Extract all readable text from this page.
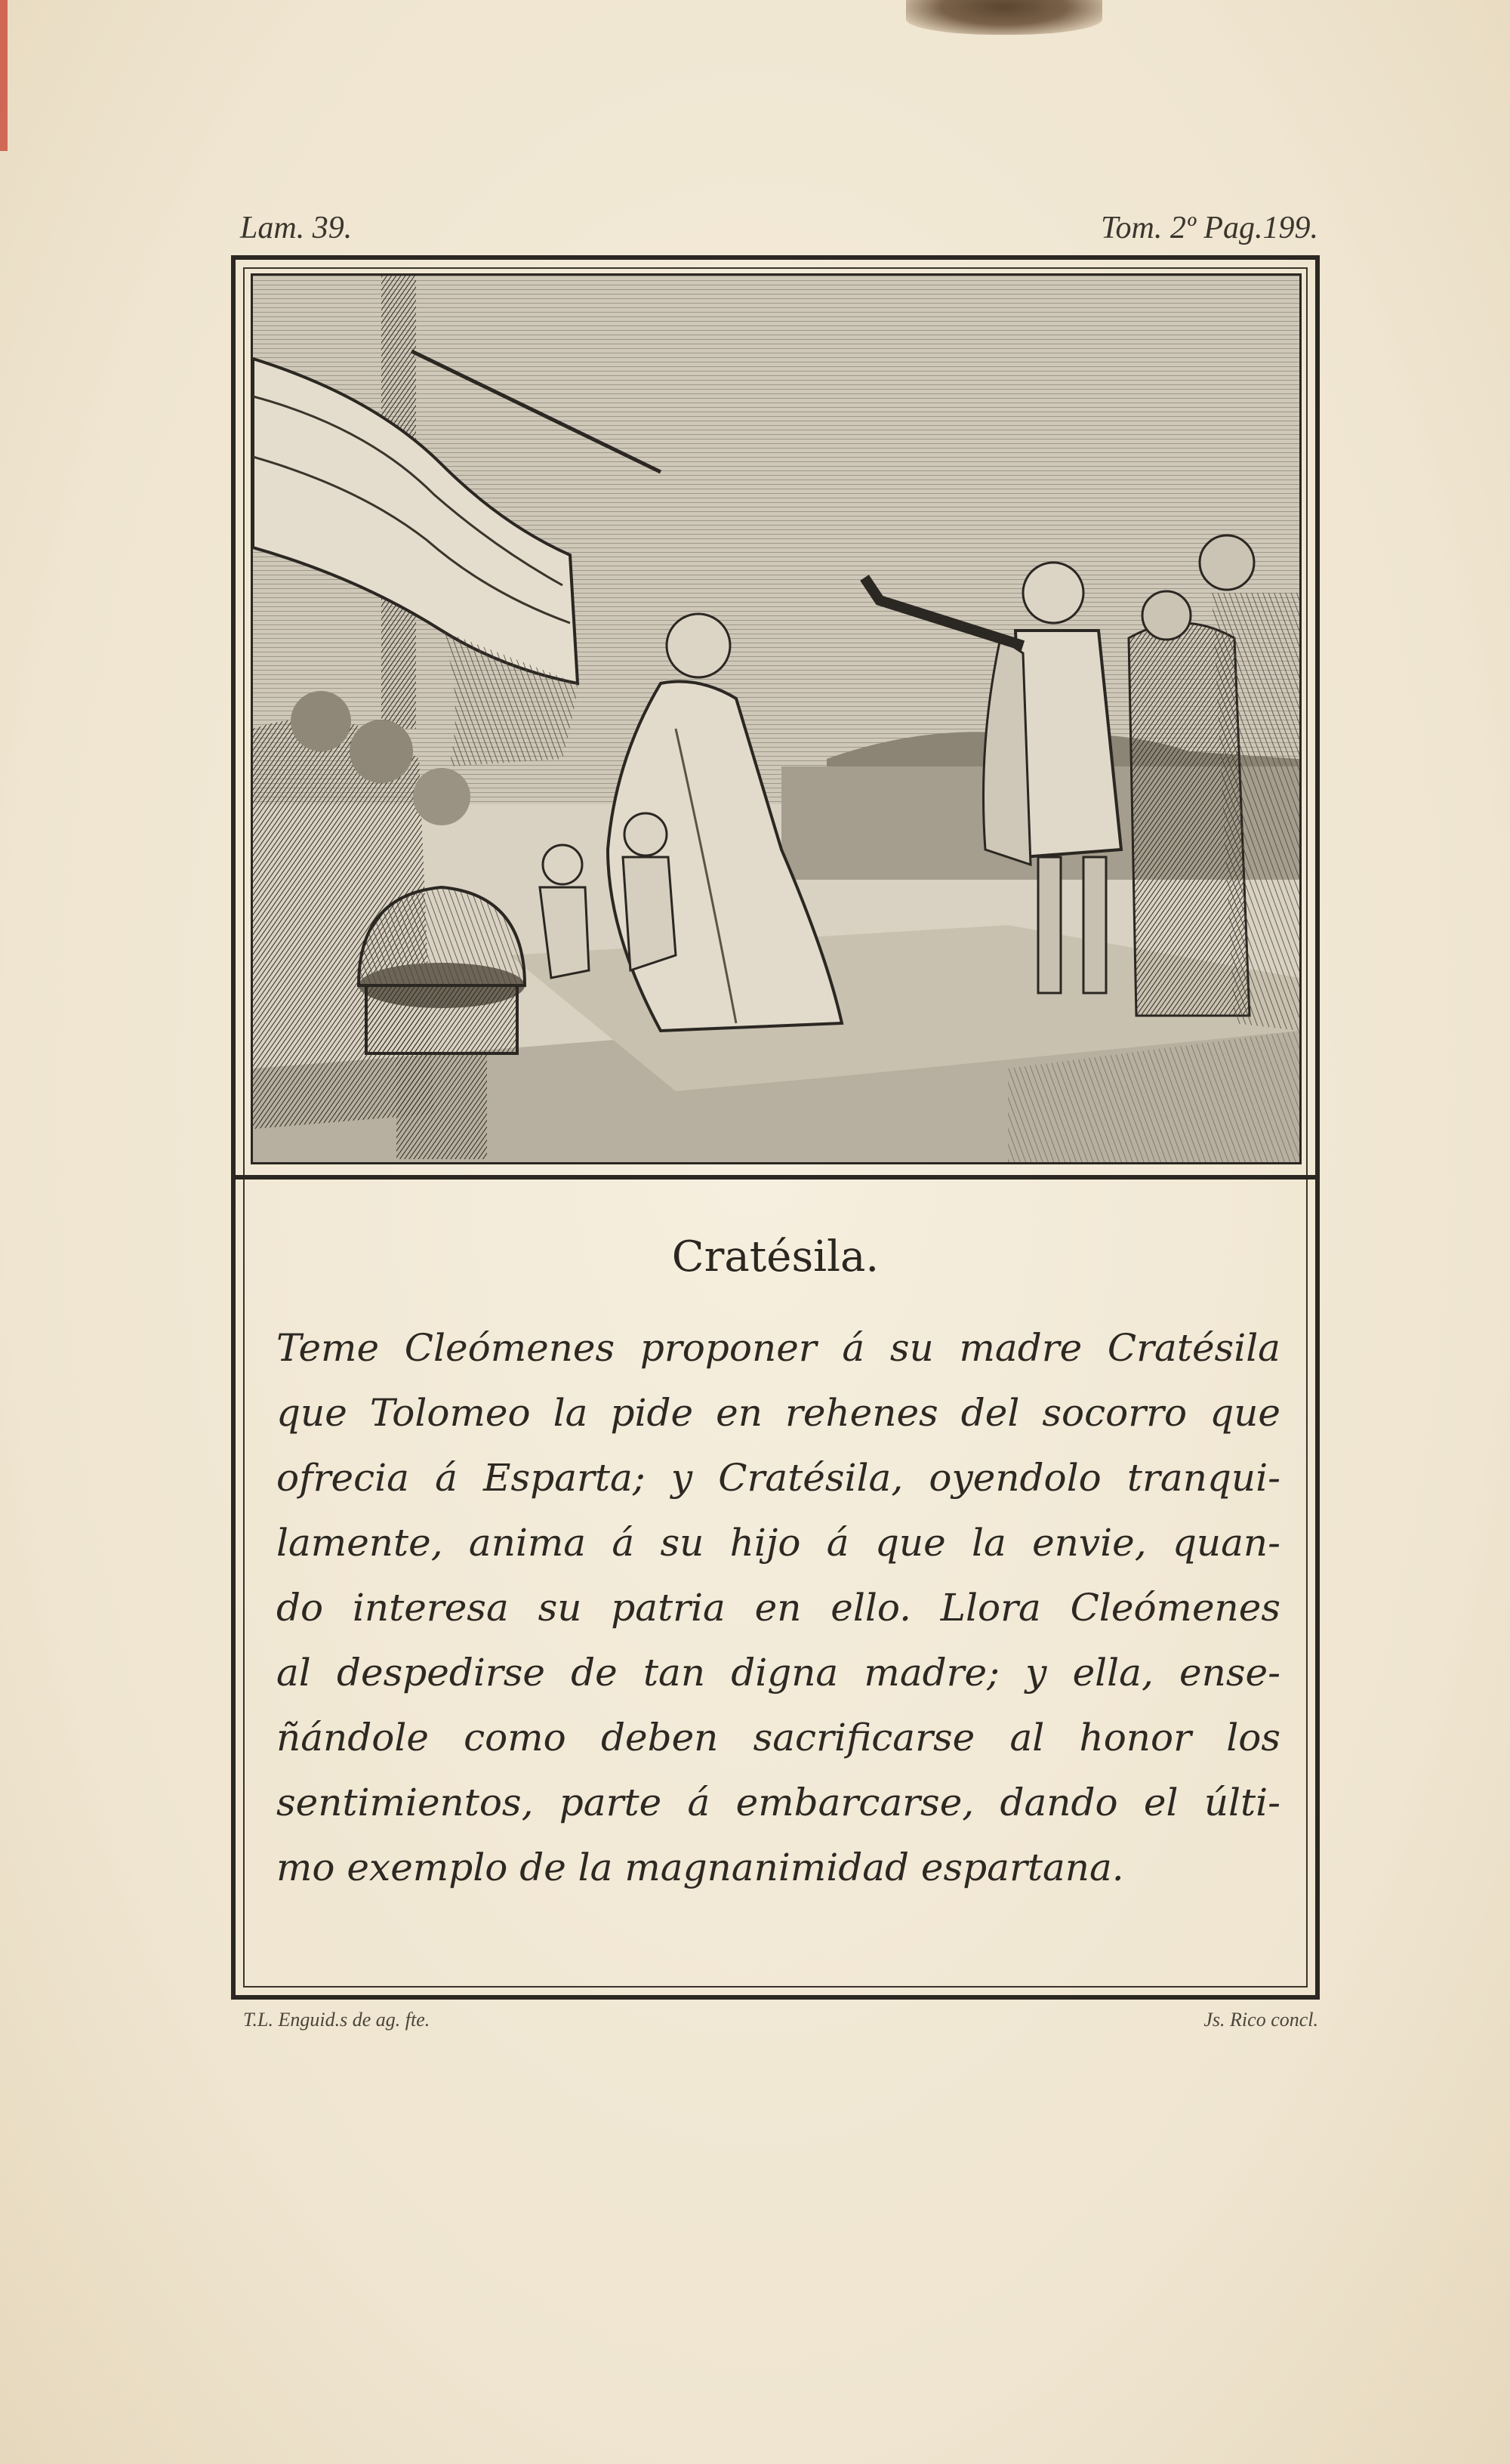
Lam. 39.	Tom. 2º Pag.199.
Cratésila.
Teme Cleómenes proponer á su madre Cratésila
que Tolomeo la pide en rehenes del socorro que
ofrecia á Esparta; y Cratésila, oyendolo tranqui-
lamente, anima á su hijo á que la envie, quan-
do interesa su patria en ello. Llora Cleómenes
al despedirse de tan digna madre; y ella, ense-
ñándole como deben sacrificarse al honor los
sentimientos, parte á embarcarse, dando el últi-
mo exemplo de la magnanimidad espartana.
T.L. Enguid.s de ag. fte.	Js. Rico concl.
